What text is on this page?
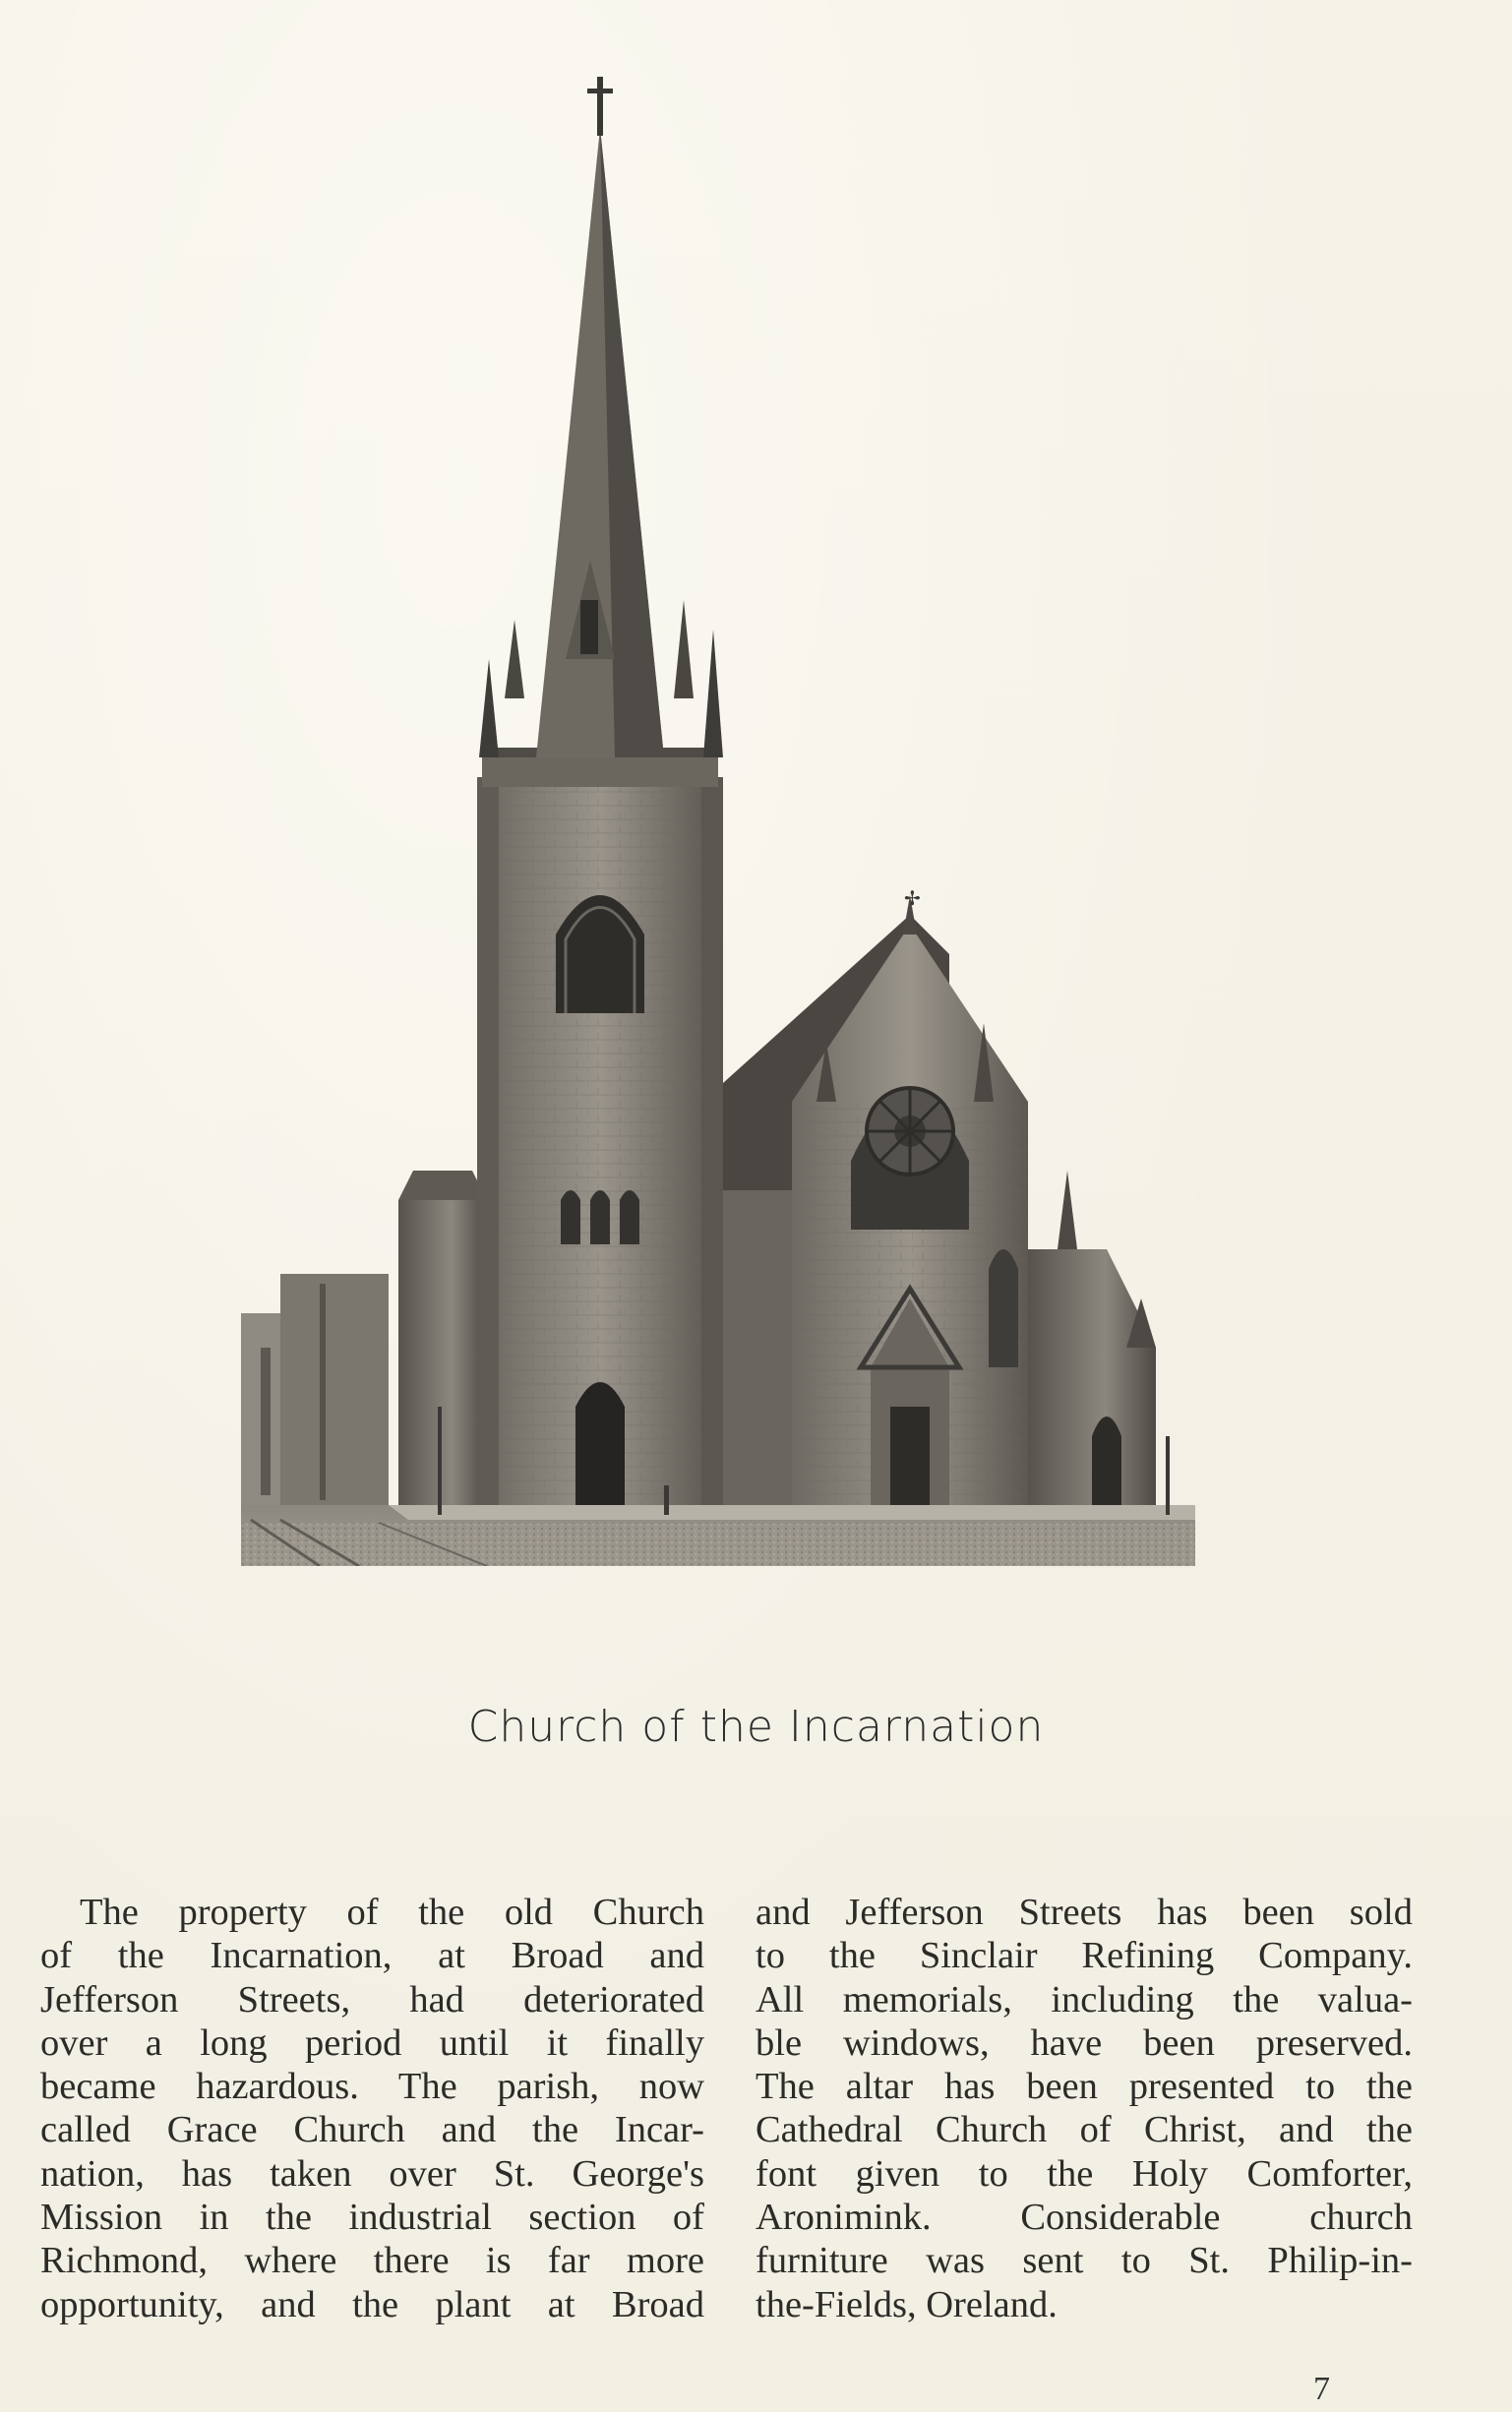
✢
Church of the Incarnation
The property of the old Church
of the Incarnation, at Broad and
Jefferson Streets, had deteriorated
over a long period until it finally
became hazardous. The parish, now
called Grace Church and the Incar-
nation, has taken over St. George's
Mission in the industrial section of
Richmond, where there is far more
opportunity, and the plant at Broad
and Jefferson Streets has been sold
to the Sinclair Refining Company.
All memorials, including the valua-
ble windows, have been preserved.
The altar has been presented to the
Cathedral Church of Christ, and the
font given to the Holy Comforter,
Aronimink. Considerable church
furniture was sent to St. Philip-in-
the-Fields, Oreland.
7
